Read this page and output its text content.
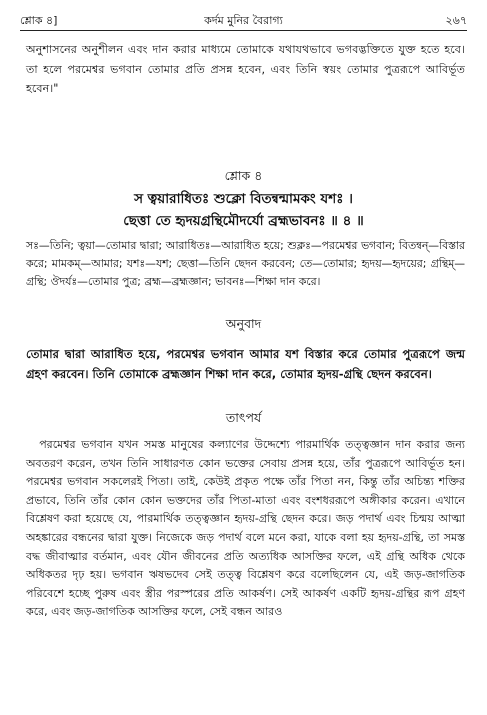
শ্লোক ৪]	কর্দম মুনির বৈরাগ্য	২৬৭
অনুশাসনের অনুশীলন এবং দান করার মাধ্যমে তোমাকে যথাযথভাবে ভগবদ্ভক্তিতে যুক্ত হতে হবে। তা হলে পরমেশ্বর ভগবান তোমার প্রতি প্রসন্ন হবেন, এবং তিনি স্বয়ং তোমার পুত্ররূপে আবির্ভূত হবেন।"
শ্লোক ৪
স ত্বয়ারাধিতঃ শুক্লো বিতন্বন্মামকং যশঃ ।
ছেত্তা তে হৃদয়গ্রন্থিমৌদর্যো ব্রহ্মভাবনঃ ॥ ৪ ॥
সঃ—তিনি; ত্বয়া—তোমার দ্বারা; আরাধিতঃ—আরাধিত হয়ে; শুক্লঃ—পরমেশ্বর ভগবান; বিতন্বন্—বিস্তার করে; মামকম্—আমার; যশঃ—যশ; ছেত্তা—তিনি ছেদন করবেন; তে—তোমার; হৃদয়—হৃদয়ের; গ্রন্থিম্—গ্রন্থি; ঔদর্যঃ—তোমার পুত্র; ব্রহ্ম—ব্রহ্মজ্ঞান; ভাবনঃ—শিক্ষা দান করে।
অনুবাদ
তোমার দ্বারা আরাধিত হয়ে, পরমেশ্বর ভগবান আমার যশ বিস্তার করে তোমার পুত্ররূপে জন্ম গ্রহণ করবেন। তিনি তোমাকে ব্রহ্মজ্ঞান শিক্ষা দান করে, তোমার হৃদয়-গ্রন্থি ছেদন করবেন।
তাৎপর্য
পরমেশ্বর ভগবান যখন সমস্ত মানুষের কল্যাণের উদ্দেশ্যে পারমার্থিক তত্ত্বজ্ঞান দান করার জন্য অবতরণ করেন, তখন তিনি সাধারণত কোন ভক্তের সেবায় প্রসন্ন হয়ে, তাঁর পুত্ররূপে আবির্ভূত হন। পরমেশ্বর ভগবান সকলেরই পিতা। তাই, কেউই প্রকৃত পক্ষে তাঁর পিতা নন, কিন্তু তাঁর অচিন্ত্য শক্তির প্রভাবে, তিনি তাঁর কোন কোন ভক্তদের তাঁর পিতা-মাতা এবং বংশধররূপে অঙ্গীকার করেন। এখানে বিশ্লেষণ করা হয়েছে যে, পারমার্থিক তত্ত্বজ্ঞান হৃদয়-গ্রন্থি ছেদন করে। জড় পদার্থ এবং চিন্ময় আত্মা অহঙ্কারের বন্ধনের দ্বারা যুক্ত। নিজেকে জড় পদার্থ বলে মনে করা, যাকে বলা হয় হৃদয়-গ্রন্থি, তা সমস্ত বদ্ধ জীবাত্মার বর্তমান, এবং যৌন জীবনের প্রতি অত্যধিক আসক্তির ফলে, এই গ্রন্থি অধিক থেকে অধিকতর দৃঢ় হয়। ভগবান ঋষভদেব সেই তত্ত্ব বিশ্লেষণ করে বলেছিলেন যে, এই জড়-জাগতিক পরিবেশে হচ্ছে পুরুষ এবং স্ত্রীর পরস্পরের প্রতি আকর্ষণ। সেই আকর্ষণ একটি হৃদয়-গ্রন্থির রূপ গ্রহণ করে, এবং জড়-জাগতিক আসক্তির ফলে, সেই বন্ধন আরও
